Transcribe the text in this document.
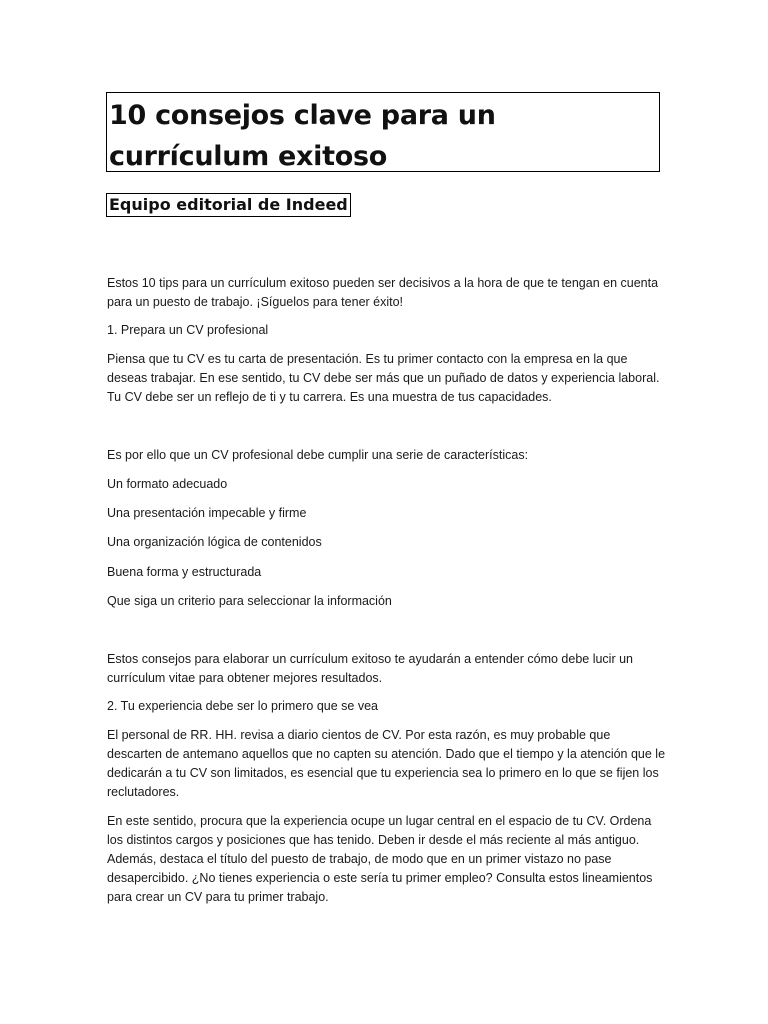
10 consejos clave para un currículum exitoso
Equipo editorial de Indeed

Estos 10 tips para un currículum exitoso pueden ser decisivos a la hora de que te tengan en cuenta para un puesto de trabajo. ¡Síguelos para tener éxito!

1. Prepara un CV profesional

Piensa que tu CV es tu carta de presentación. Es tu primer contacto con la empresa en la que deseas trabajar. En ese sentido, tu CV debe ser más que un puñado de datos y experiencia laboral. Tu CV debe ser un reflejo de ti y tu carrera. Es una muestra de tus capacidades.

Es por ello que un CV profesional debe cumplir una serie de características:

Un formato adecuado

Una presentación impecable y firme

Una organización lógica de contenidos

Buena forma y estructurada

Que siga un criterio para seleccionar la información

Estos consejos para elaborar un currículum exitoso te ayudarán a entender cómo debe lucir un currículum vitae para obtener mejores resultados.

2. Tu experiencia debe ser lo primero que se vea

El personal de RR. HH. revisa a diario cientos de CV. Por esta razón, es muy probable que descarten de antemano aquellos que no capten su atención. Dado que el tiempo y la atención que le dedicarán a tu CV son limitados, es esencial que tu experiencia sea lo primero en lo que se fijen los reclutadores.

En este sentido, procura que la experiencia ocupe un lugar central en el espacio de tu CV. Ordena los distintos cargos y posiciones que has tenido. Deben ir desde el más reciente al más antiguo. Además, destaca el título del puesto de trabajo, de modo que en un primer vistazo no pase desapercibido. ¿No tienes experiencia o este sería tu primer empleo? Consulta estos lineamientos para crear un CV para tu primer trabajo.
